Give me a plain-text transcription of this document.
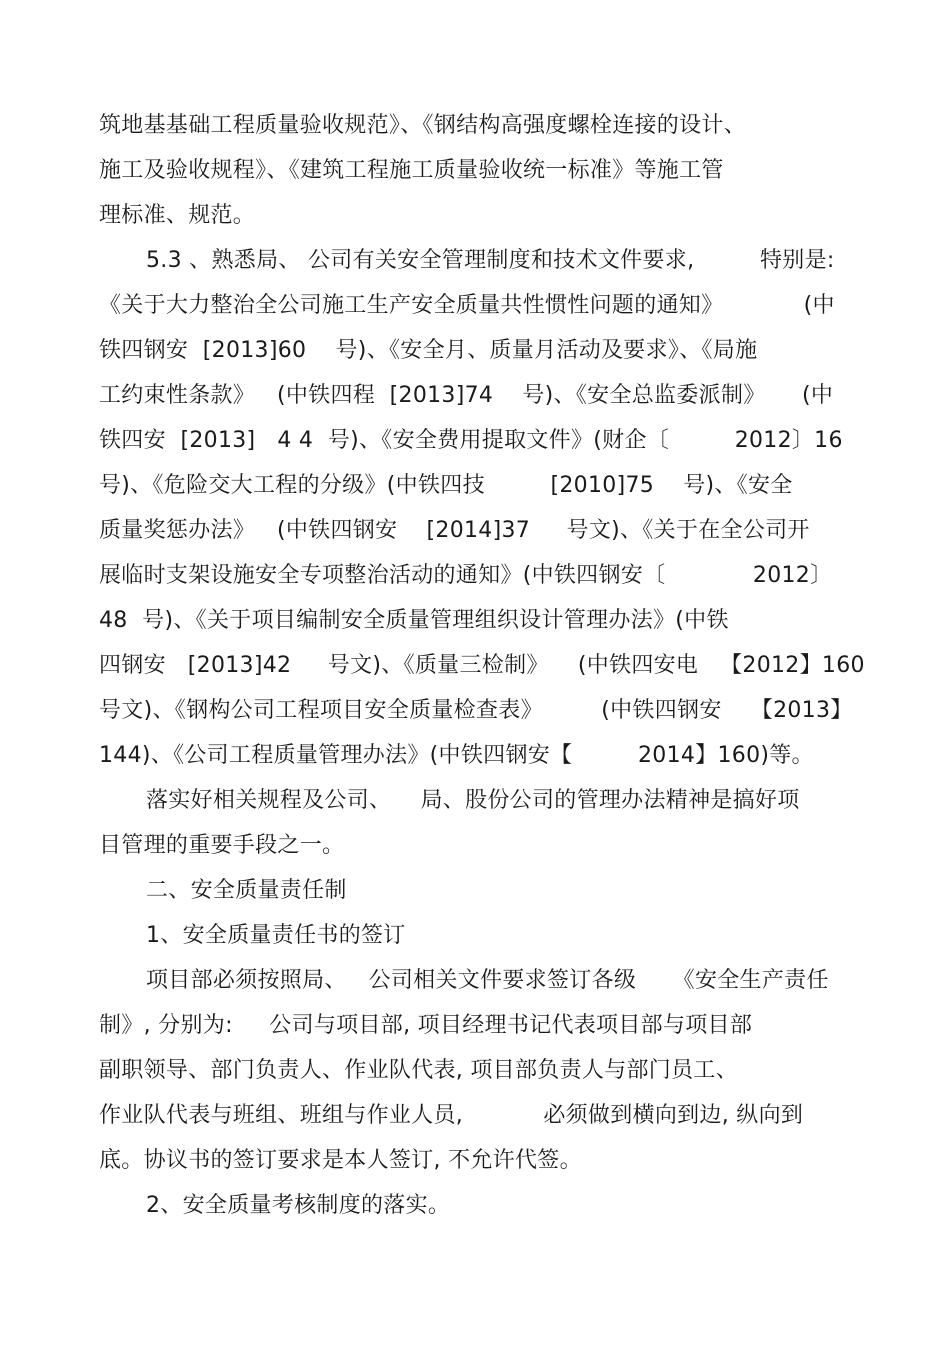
筑地基基础工程质量验收规范》、《钢结构高强度螺栓连接的设计、
施工及验收规程》、《建筑工程施工质量验收统一标准》等施工管
理标准、规范。
5.3 、熟悉局、 公司有关安全管理制度和技术文件要求,         特别是:
《关于大力整治全公司施工生产安全质量共性惯性问题的通知》           (中
铁四钢安  [2013]60    号)、《安全月、质量月活动及要求》、《局施
工约束性条款》   (中铁四程  [2013]74    号)、《安全总监委派制》     (中
铁四安  [2013]   4 4  号)、《安全费用提取文件》(财企〔         2012〕16
号)、《危险交大工程的分级》(中铁四技         [2010]75    号)、《安全
质量奖惩办法》   (中铁四钢安    [2014]37     号文)、《关于在全公司开
展临时支架设施安全专项整治活动的通知》(中铁四钢安〔            2012〕
48  号)、《关于项目编制安全质量管理组织设计管理办法》(中铁
四钢安   [2013]42     号文)、《质量三检制》    (中铁四安电   【2012】160
号文)、《钢构公司工程项目安全质量检查表》        (中铁四钢安    【2013】
144)、《公司工程质量管理办法》(中铁四钢安【         2014】160)等。
落实好相关规程及公司、    局、股份公司的管理办法精神是搞好项
目管理的重要手段之一。
二、安全质量责任制
1、安全质量责任书的签订
项目部必须按照局、   公司相关文件要求签订各级     《安全生产责任
制》, 分别为:     公司与项目部, 项目经理书记代表项目部与项目部
副职领导、部门负责人、作业队代表, 项目部负责人与部门员工、
作业队代表与班组、班组与作业人员,           必须做到横向到边, 纵向到
底。协议书的签订要求是本人签订, 不允许代签。
2、安全质量考核制度的落实。
